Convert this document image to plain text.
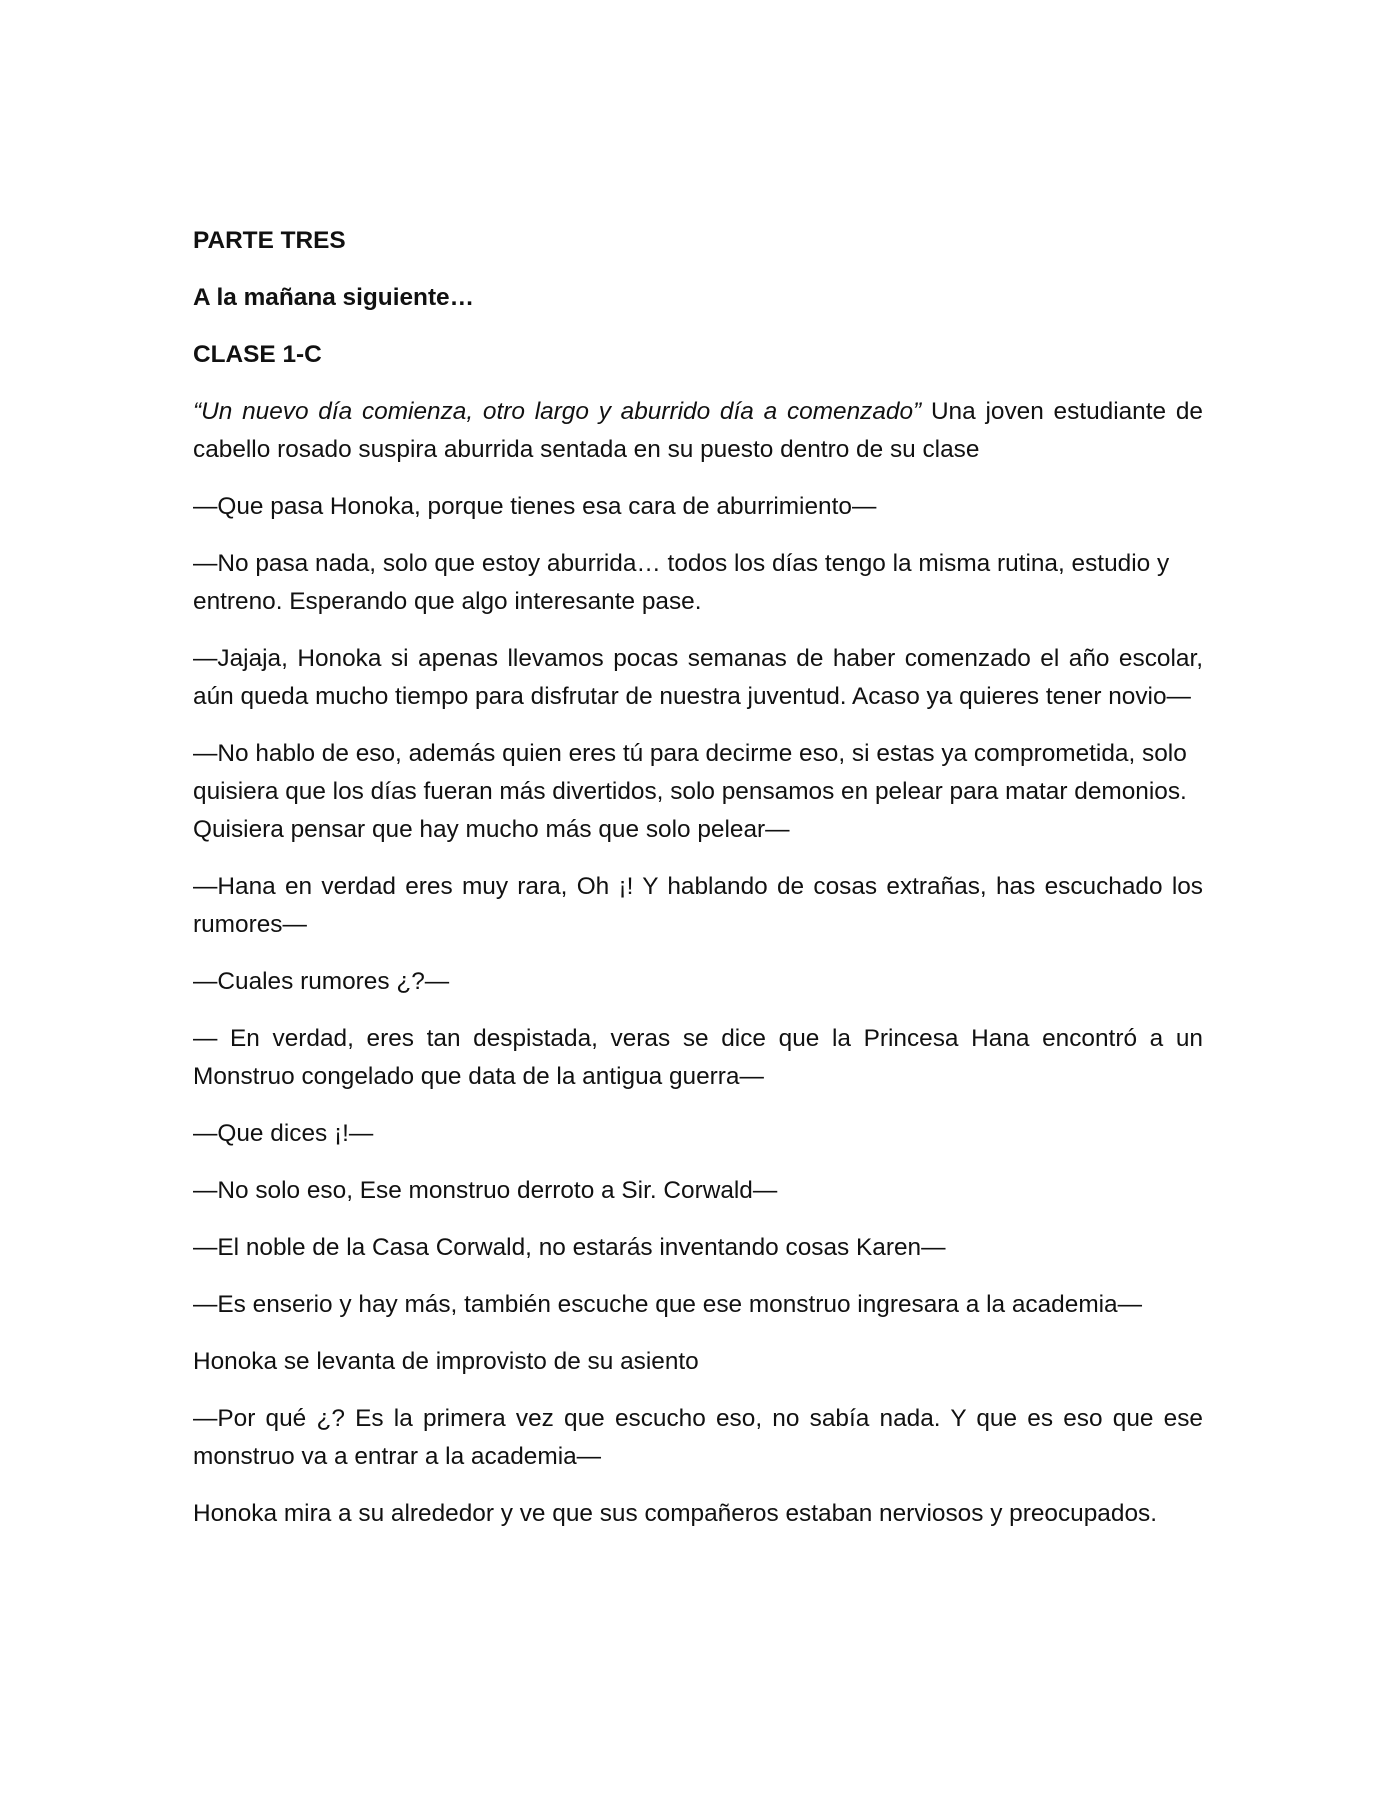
PARTE TRES

A la mañana siguiente…

CLASE 1-C

“Un nuevo día comienza, otro largo y aburrido día a comenzado” Una joven estudiante de cabello rosado suspira aburrida sentada en su puesto dentro de su clase

—Que pasa Honoka, porque tienes esa cara de aburrimiento—

—No pasa nada, solo que estoy aburrida… todos los días tengo la misma rutina, estudio y entreno. Esperando que algo interesante pase.

—Jajaja, Honoka si apenas llevamos pocas semanas de haber comenzado el año escolar, aún queda mucho tiempo para disfrutar de nuestra juventud. Acaso ya quieres tener novio—

—No hablo de eso, además quien eres tú para decirme eso, si estas ya comprometida, solo quisiera que los días fueran más divertidos, solo pensamos en pelear para matar demonios. Quisiera pensar que hay mucho más que solo pelear—

—Hana en verdad eres muy rara, Oh ¡! Y hablando de cosas extrañas, has escuchado los rumores—

—Cuales rumores ¿?—

— En verdad, eres tan despistada, veras se dice que la Princesa Hana encontró a un Monstruo congelado que data de la antigua guerra—

—Que dices ¡!—

—No solo eso, Ese monstruo derroto a Sir. Corwald—

—El noble de la Casa Corwald, no estarás inventando cosas Karen—

—Es enserio y hay más, también escuche que ese monstruo ingresara a la academia—

Honoka se levanta de improvisto de su asiento

—Por qué ¿? Es la primera vez que escucho eso, no sabía nada. Y que es eso que ese monstruo va a entrar a la academia—

Honoka mira a su alrededor y ve que sus compañeros estaban nerviosos y preocupados.
